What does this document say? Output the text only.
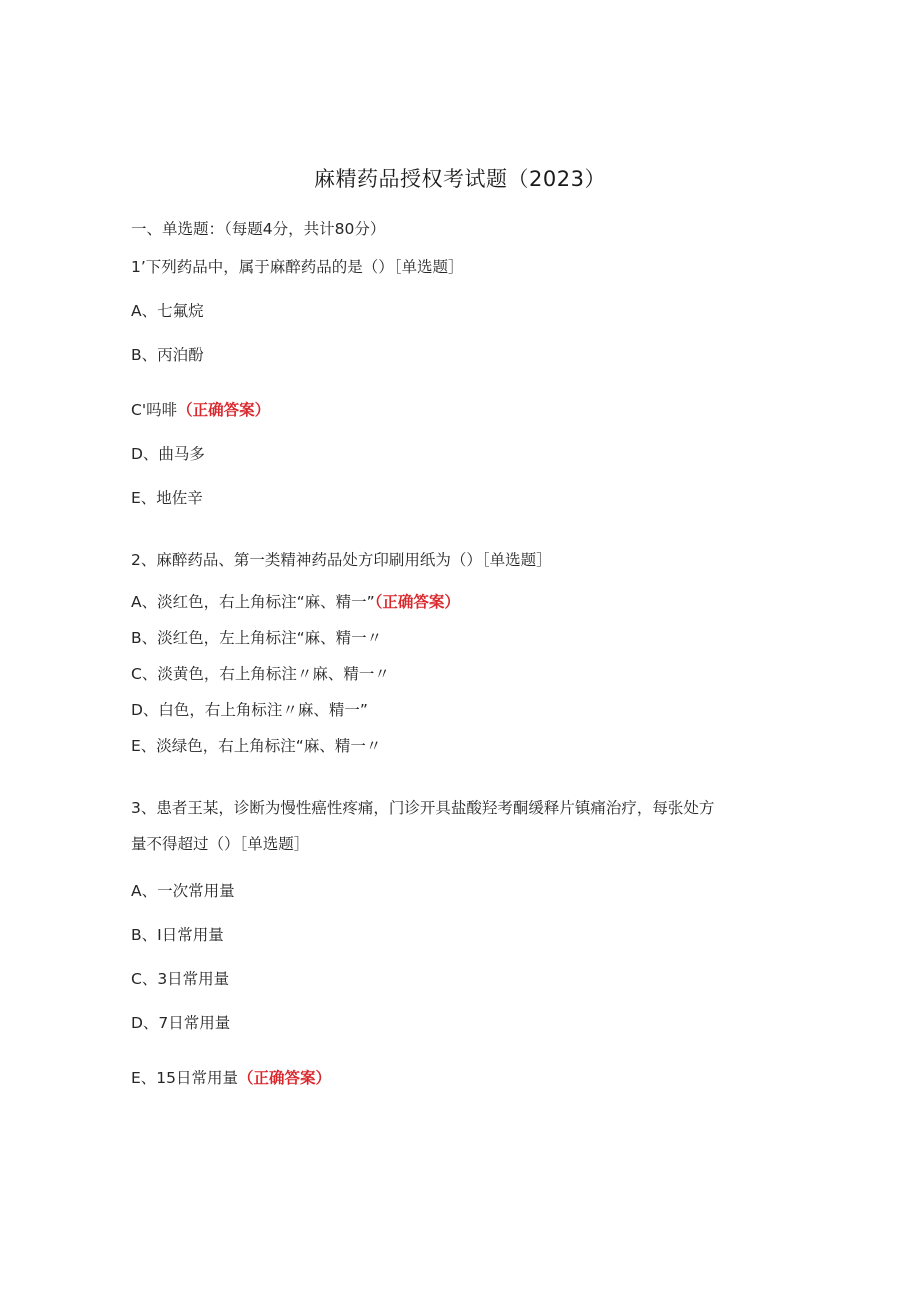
麻精药品授权考试题（2023）
一、单选题：（每题4分，共计80分）
1’下列药品中，属于麻醉药品的是（）［单选题］
A、七氟烷
B、丙泊酚
C'吗啡（正确答案）
D、曲马多
E、地佐辛
2、麻醉药品、第一类精神药品处方印刷用纸为（）［单选题］
A、淡红色，右上角标注“麻、精一”（正确答案）
B、淡红色，左上角标注“麻、精一〃
C、淡黄色，右上角标注〃麻、精一〃
D、白色，右上角标注〃麻、精一”
E、淡绿色，右上角标注“麻、精一〃
3、患者王某，诊断为慢性癌性疼痛，门诊开具盐酸羟考酮缓释片镇痛治疗，每张处方
量不得超过（）［单选题］
A、一次常用量
B、I日常用量
C、3日常用量
D、7日常用量
E、15日常用量（正确答案）
